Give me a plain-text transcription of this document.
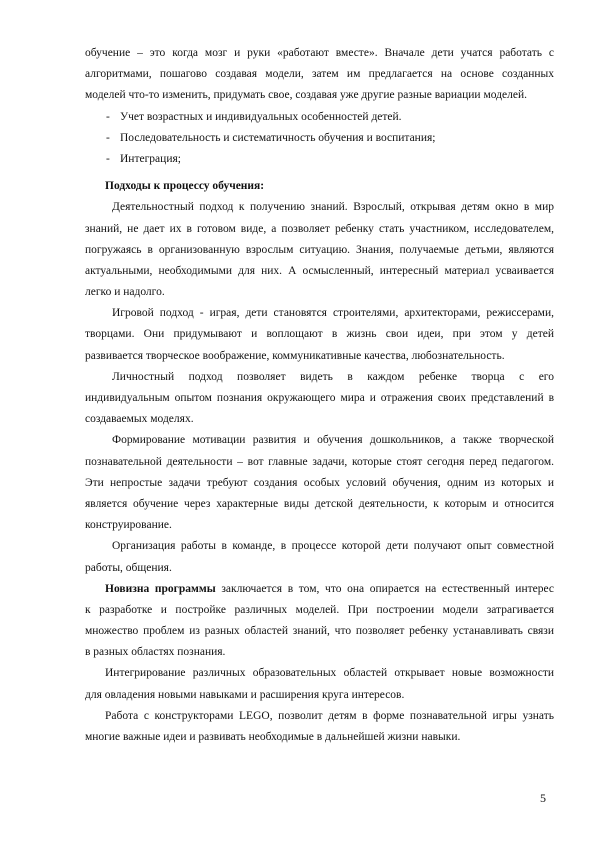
обучение – это когда мозг и руки «работают вместе». Вначале дети учатся работать с
алгоритмами, пошагово создавая модели, затем им предлагается на основе созданных
моделей что-то изменить, придумать свое, создавая уже другие разные вариации моделей.
- Учет возрастных и индивидуальных особенностей детей.
- Последовательность и систематичность обучения и воспитания;
- Интеграция;
Подходы к процессу обучения:
Деятельностный подход к получению знаний. Взрослый, открывая детям окно в мир
знаний, не дает их в готовом виде, а позволяет ребенку стать участником, исследователем,
погружаясь в организованную взрослым ситуацию. Знания, получаемые детьми, являются
актуальными, необходимыми для них. А осмысленный, интересный материал усваивается
легко и надолго.
Игровой подход - играя, дети становятся строителями, архитекторами, режиссерами,
творцами. Они придумывают и воплощают в жизнь свои идеи, при этом у детей
развивается творческое воображение, коммуникативные качества, любознательность.
Личностный подход позволяет видеть в каждом ребенке творца с его
индивидуальным опытом познания окружающего мира и отражения своих представлений в
создаваемых моделях.
Формирование мотивации развития и обучения дошкольников, а также творческой
познавательной деятельности – вот главные задачи, которые стоят сегодня перед педагогом.
Эти непростые задачи требуют создания особых условий обучения, одним из которых и
является обучение через характерные виды детской деятельности, к которым и относится
конструирование.
Организация работы в команде, в процессе которой дети получают опыт совместной
работы, общения.
Новизна программы заключается в том, что она опирается на естественный интерес
к разработке и постройке различных моделей. При построении модели затрагивается
множество проблем из разных областей знаний, что позволяет ребенку устанавливать связи
в разных областях познания.
Интегрирование различных образовательных областей открывает новые возможности
для овладения новыми навыками и расширения круга интересов.
Работа с конструкторами LEGO, позволит детям в форме познавательной игры узнать
многие важные идеи и развивать необходимые в дальнейшей жизни навыки.
5
